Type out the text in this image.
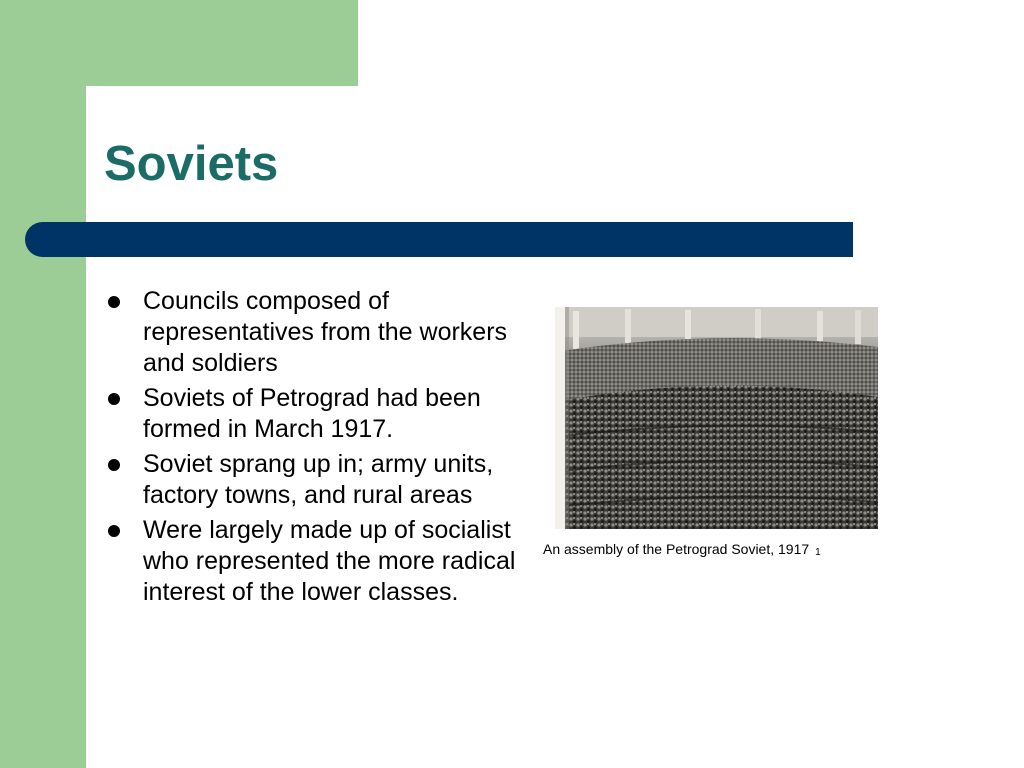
Soviets
Councils composed of representatives from the workers and soldiers
Soviets of Petrograd had been formed in March 1917.
Soviet sprang up in; army units, factory towns, and rural areas
Were largely made up of socialist who represented the more radical interest of the lower classes.
An assembly of the Petrograd Soviet, 1917 1
